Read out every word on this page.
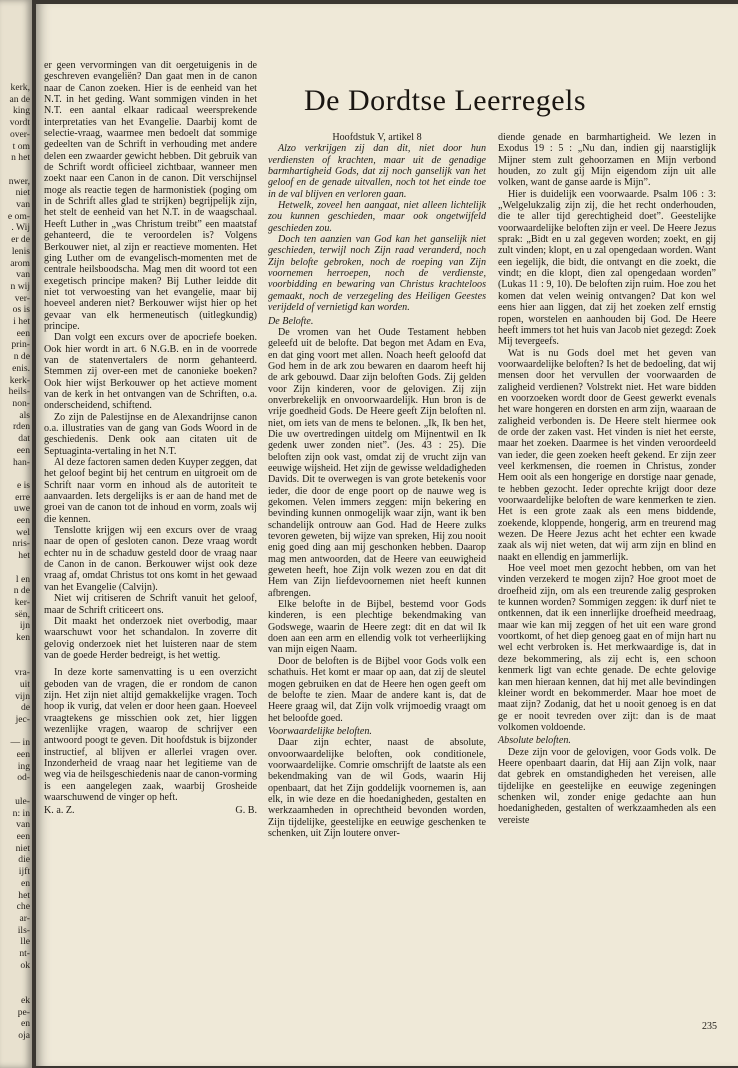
kerk,
an de
king
vordt
over-
t om
n het

nwer,
niet
van
e om-
. Wij
er de
lenis
arom
van
n wij
ver-
os is
i het
een
prin-
n de
enis.
kerk-
heils-
non-
als
rden
dat
een
han-

e is
erre
uwe
een
wel
nris-
het

l en
n de
ker-
sën,
ijn
ken

vra-
uit
vijn
de
jec-

— in
een
ing
od-

ule-
n: in
van
een
niet
die
ijft
en
het
che
ar-
ils-
lle
nt-
ok

ek
pe-
en
oja

er geen vervormingen van dit oergetuigenis in de geschreven evangeliën? Dan gaat men in de canon naar de Canon zoeken. Hier is de eenheid van het N.T. in het geding. Want sommigen vinden in het N.T. een aantal elkaar radicaal weersprekende interpretaties van het Evangelie. Daarbij komt de selectie-vraag, waarmee men bedoelt dat sommige gedeelten van de Schrift in verhouding met andere delen een zwaarder gewicht hebben. Dit gebruik van de Schrift wordt officieel zichtbaar, wanneer men zoekt naar een Canon in de canon. Dit verschijnsel moge als reactie tegen de harmonistiek (poging om in de Schrift alles glad te strijken) begrijpelijk zijn, het stelt de eenheid van het N.T. in de waagschaal. Heeft Luther in „was Christum treibt” een maatstaf gehanteerd, die te veroordelen is? Volgens Berkouwer niet, al zijn er reactieve momenten. Het ging Luther om de evangelisch-momenten met de centrale heilsboodscha. Mag men dit woord tot een exegetisch principe maken? Bij Luther leidde dit niet tot verwoesting van het evangelie, maar bij hoeveel anderen niet? Berkouwer wijst hier op het gevaar van elk hermeneutisch (uitlegkundig) principe.

Dan volgt een excurs over de apocriefe boeken. Ook hier wordt in art. 6 N.G.B. en in de voorrede van de statenvertalers de norm gehanteerd. Stemmen zij over-een met de canonieke boeken? Ook hier wijst Berkouwer op het actieve moment van de kerk in het ontvangen van de Schriften, o.a. onderscheidend, schiftend.

Zo zijn de Palestijnse en de Alexandrijnse canon o.a. illustraties van de gang van Gods Woord in de geschiedenis. Denk ook aan citaten uit de Septuaginta-vertaling in het N.T.

Al deze factoren samen deden Kuyper zeggen, dat het geloof begint bij het centrum en uitgroeit om de Schrift naar vorm en inhoud als de autoriteit te aanvaarden. Iets dergelijks is er aan de hand met de groei van de canon tot de inhoud en vorm, zoals wij die kennen.

Tenslotte krijgen wij een excurs over de vraag naar de open of gesloten canon. Deze vraag wordt echter nu in de schaduw gesteld door de vraag naar de Canon in de canon. Berkouwer wijst ook deze vraag af, omdat Christus tot ons komt in het gewaad van het Evangelie (Calvijn).

Niet wij critiseren de Schrift vanuit het geloof, maar de Schrift criticeert ons.

Dit maakt het onderzoek niet overbodig, maar waarschuwt voor het schandalon. In zoverre dit gelovig onderzoek niet het luisteren naar de stem van de goede Herder bedreigt, is het wettig.

In deze korte samenvatting is u een overzicht geboden van de vragen, die er rondom de canon zijn. Het zijn niet altijd gemakkelijke vragen. Toch hoop ik vurig, dat velen er door heen gaan. Hoeveel vraagtekens ge misschien ook zet, hier liggen wezenlijke vragen, waarop de schrijver een antwoord poogt te geven. Dit hoofdstuk is bijzonder instructief, al blijven er allerlei vragen over. Inzonderheid de vraag naar het legitieme van de weg via de heilsgeschiedenis naar de canon-vorming is een aangelegen zaak, waarbij Grosheide waarschuwend de vinger op heft.

K. a. Z.	G. B.

De Dordtse Leerregels

Hoofdstuk V, artikel 8

Alzo verkrijgen zij dan dit, niet door hun verdiensten of krachten, maar uit de genadige barmhartigheid Gods, dat zij noch ganselijk van het geloof en de genade uitvallen, noch tot het einde toe in de val blijven en verloren gaan.

Hetwelk, zoveel hen aangaat, niet alleen lichtelijk zou kunnen geschieden, maar ook ongetwijfeld geschieden zou.

Doch ten aanzien van God kan het ganselijk niet geschieden, terwijl noch Zijn raad veranderd, noch Zijn belofte gebroken, noch de roeping van Zijn voornemen herroepen, noch de verdienste, voorbidding en bewaring van Christus krachteloos gemaakt, noch de verzegeling des Heiligen Geestes verijdeld of vernietigd kan worden.

De Belofte.

De vromen van het Oude Testament hebben geleefd uit de belofte. Dat begon met Adam en Eva, en dat ging voort met allen. Noach heeft geloofd dat God hem in de ark zou bewaren en daarom heeft hij de ark gebouwd. Daar zijn beloften Gods. Zij gelden voor Zijn kinderen, voor de gelovigen. Zij zijn onverbrekelijk en onvoorwaardelijk. Hun bron is de vrije goedheid Gods. De Heere geeft Zijn beloften nl. niet, om iets van de mens te belonen. „Ik, Ik ben het, Die uw overtredingen uitdelg om Mijnentwil en Ik gedenk uwer zonden niet”. (Jes. 43 : 25). Die beloften zijn ook vast, omdat zij de vrucht zijn van eeuwige wijsheid. Het zijn de gewisse weldadigheden Davids. Dit te overwegen is van grote betekenis voor ieder, die door de enge poort op de nauwe weg is gekomen. Velen immers zeggen: mijn bekering en bevinding kunnen onmogelijk waar zijn, want ik ben schandelijk ontrouw aan God. Had de Heere zulks tevoren geweten, bij wijze van spreken, Hij zou nooit enig goed ding aan mij geschonken hebben. Daarop mag men antwoorden, dat de Heere van eeuwigheid geweten heeft, hoe Zijn volk wezen zou en dat dit Hem van Zijn liefdevoornemen niet heeft kunnen afbrengen.

Elke belofte in de Bijbel, bestemd voor Gods kinderen, is een plechtige bekendmaking van Godswege, waarin de Heere zegt: dit en dat wil Ik doen aan een arm en ellendig volk tot verheerlijking van mijn eigen Naam.

Door de beloften is de Bijbel voor Gods volk een schathuis. Het komt er maar op aan, dat zij de sleutel mogen gebruiken en dat de Heere hen ogen geeft om de belofte te zien. Maar de andere kant is, dat de Heere graag wil, dat Zijn volk vrijmoedig vraagt om het beloofde goed.

Voorwaardelijke beloften.

Daar zijn echter, naast de absolute, onvoorwaardelijke beloften, ook conditionele, voorwaardelijke. Comrie omschrijft de laatste als een bekendmaking van de wil Gods, waarin Hij openbaart, dat het Zijn goddelijk voornemen is, aan elk, in wie deze en die hoedanigheden, gestalten en werkzaamheden in oprechtheid bevonden worden, Zijn tijdelijke, geestelijke en eeuwige geschenken te schenken, uit Zijn loutere onver-

diende genade en barmhartigheid. We lezen in Exodus 19 : 5 : „Nu dan, indien gij naarstiglijk Mijner stem zult gehoorzamen en Mijn verbond houden, zo zult gij Mijn eigendom zijn uit alle volken, want de ganse aarde is Mijn”.

Hier is duidelijk een voorwaarde. Psalm 106 : 3: „Welgelukzalig zijn zij, die het recht onderhouden, die te aller tijd gerechtigheid doet”. Geestelijke voorwaardelijke beloften zijn er veel. De Heere Jezus sprak: „Bidt en u zal gegeven worden; zoekt, en gij zult vinden; klopt, en u zal opengedaan worden. Want een iegelijk, die bidt, die ontvangt en die zoekt, die vindt; en die klopt, dien zal opengedaan worden” (Lukas 11 : 9, 10). De beloften zijn ruim. Hoe zou het komen dat velen weinig ontvangen? Dat kon wel eens hier aan liggen, dat zij het zoeken zelf ernstig ropen, worstelen en aanhouden bij God. De Heere heeft immers tot het huis van Jacob niet gezegd: Zoek Mij tevergeefs.

Wat is nu Gods doel met het geven van voorwaardelijke beloften? Is het de bedoeling, dat wij mensen door het vervullen der voorwaarden de zaligheid verdienen? Volstrekt niet. Het ware bidden en voorzoeken wordt door de Geest gewerkt evenals het ware hongeren en dorsten en arm zijn, waaraan de zaligheid verbonden is. De Heere stelt hiermee ook de orde der zaken vast. Het vinden is niet het eerste, maar het zoeken. Daarmee is het vinden veroordeeld van ieder, die geen zoeken heeft gekend. Er zijn zeer veel kerkmensen, die roemen in Christus, zonder Hem ooit als een hongerige en dorstige naar genade, te hebben gezocht. Ieder oprechte krijgt door deze voorwaardelijke beloften de ware kenmerken te zien. Het is een grote zaak als een mens biddende, zoekende, kloppende, hongerig, arm en treurend mag wezen. De Heere Jezus acht het echter een kwade zaak als wij niet weten, dat wij arm zijn en blind en naakt en ellendig en jammerlijk.

Hoe veel moet men gezocht hebben, om van het vinden verzekerd te mogen zijn? Hoe groot moet de droefheid zijn, om als een treurende zalig gesproken te kunnen worden? Sommigen zeggen: ik durf niet te ontkennen, dat ik een innerlijke droefheid meedraag, maar wie kan mij zeggen of het uit een ware grond voortkomt, of het diep genoeg gaat en of mijn hart nu wel echt verbroken is. Het merkwaardige is, dat in deze bekommering, als zij echt is, een schoon kenmerk ligt van echte genade. De echte gelovige kan men hieraan kennen, dat hij met alle bevindingen kleiner wordt en bekommerder. Maar hoe moet de maat zijn? Zodanig, dat het u nooit genoeg is en dat ge er nooit tevreden over zijt: dan is de maat volkomen voldoende.

Absolute beloften.

Deze zijn voor de gelovigen, voor Gods volk. De Heere openbaart daarin, dat Hij aan Zijn volk, naar dat gebrek en omstandigheden het vereisen, alle tijdelijke en geestelijke en eeuwige zegeningen schenken wil, zonder enige gedachte aan hun hoedanigheden, gestalten of werkzaamheden als een vereiste

235
